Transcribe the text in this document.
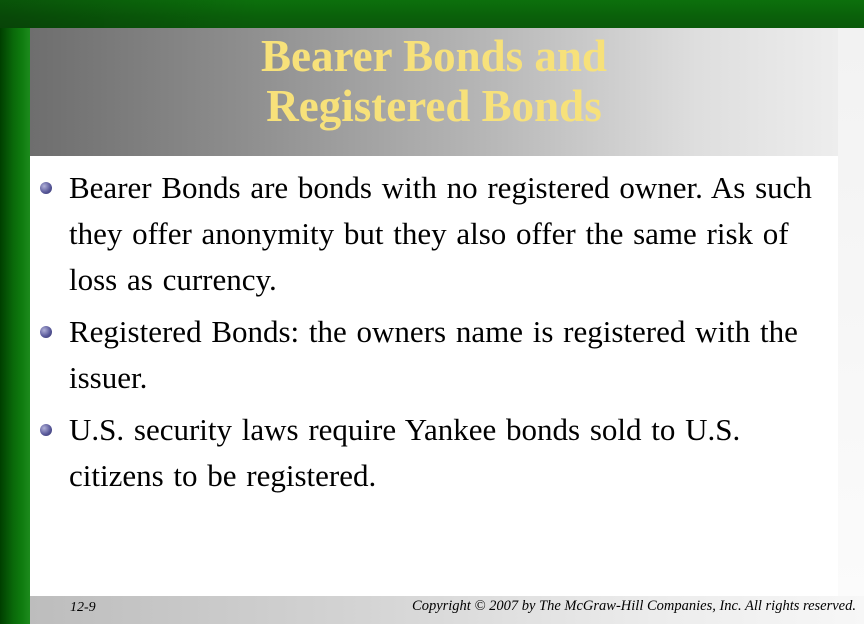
Bearer Bonds and
Registered Bonds
Bearer Bonds are bonds with no registered owner. As such they offer anonymity but they also offer the same risk of loss as currency.
Registered Bonds: the owners name is registered with the issuer.
U.S. security laws require Yankee bonds sold to U.S. citizens to be registered.
12-9	Copyright © 2007 by The McGraw-Hill Companies, Inc. All rights reserved.
